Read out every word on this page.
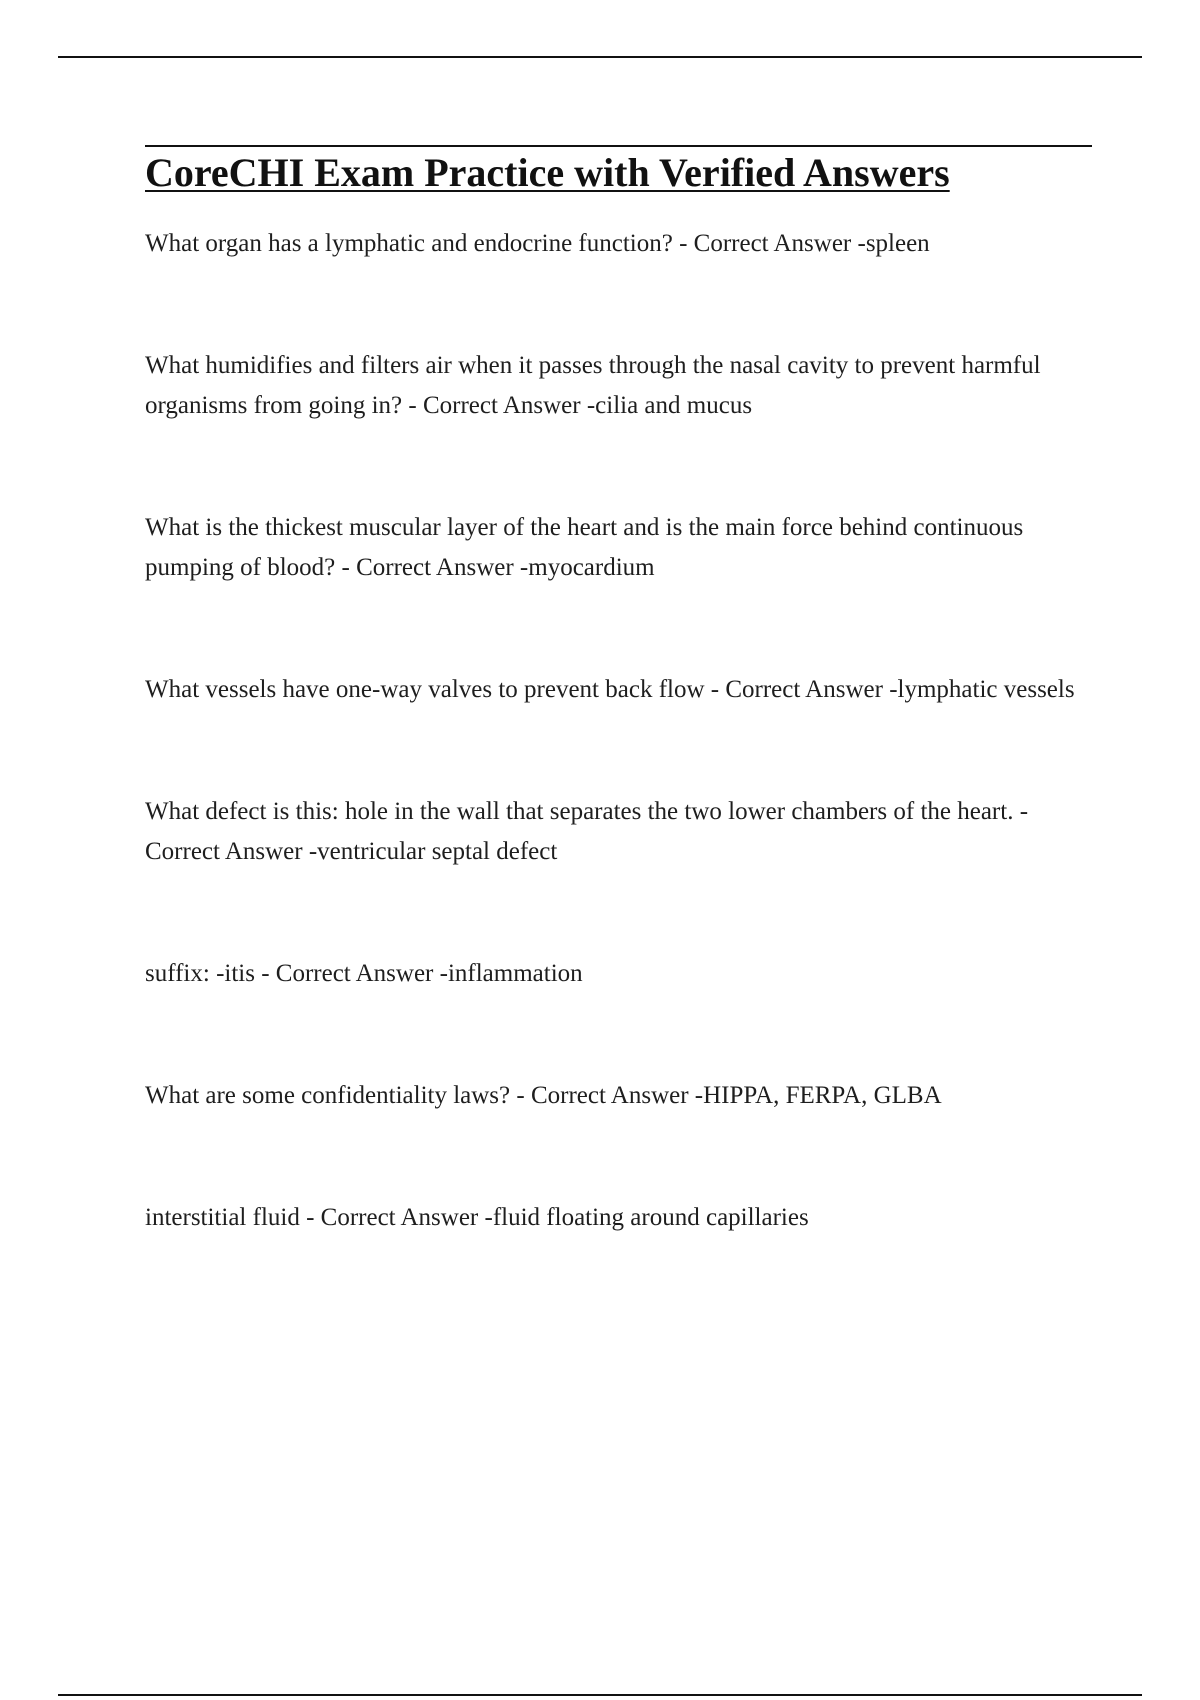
CoreCHI Exam Practice with Verified Answers

What organ has a lymphatic and endocrine function? - Correct Answer -spleen

What humidifies and filters air when it passes through the nasal cavity to prevent harmful organisms from going in? - Correct Answer -cilia and mucus

What is the thickest muscular layer of the heart and is the main force behind continuous pumping of blood? - Correct Answer -myocardium

What vessels have one-way valves to prevent back flow - Correct Answer -lymphatic vessels

What defect is this: hole in the wall that separates the two lower chambers of the heart. - Correct Answer -ventricular septal defect

suffix: -itis - Correct Answer -inflammation

What are some confidentiality laws? - Correct Answer -HIPPA, FERPA, GLBA

interstitial fluid - Correct Answer -fluid floating around capillaries
